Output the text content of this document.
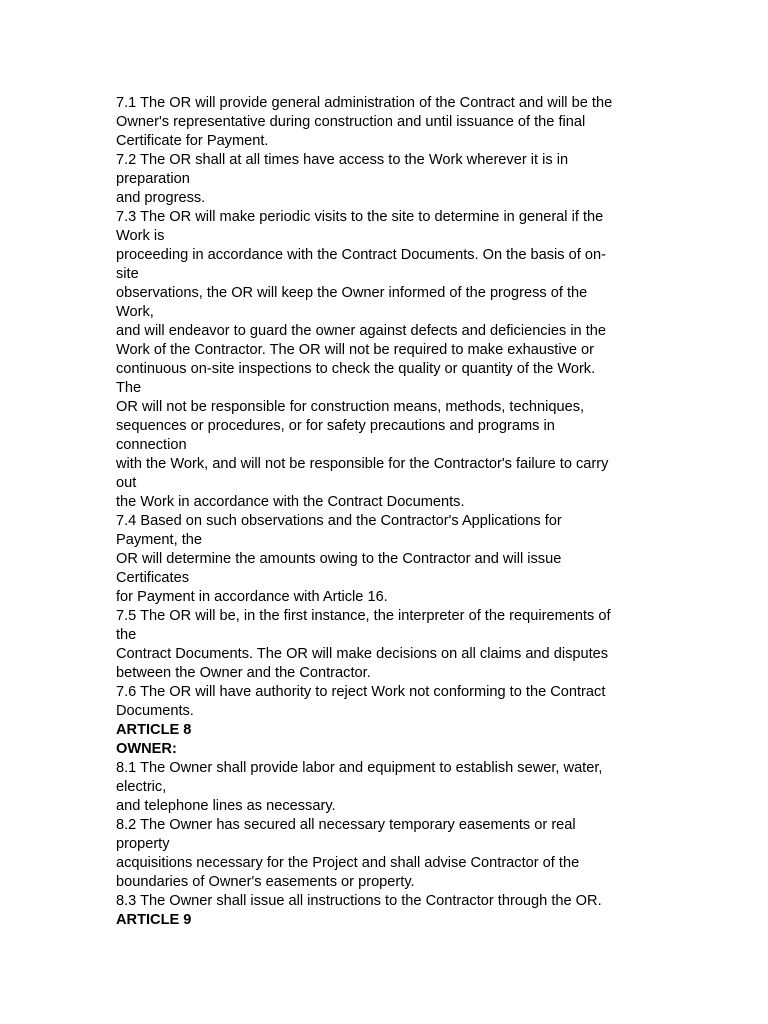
7.1 The OR will provide general administration of the Contract and will be the
Owner's representative during construction and until issuance of the final
Certificate for Payment.
7.2 The OR shall at all times have access to the Work wherever it is in
preparation
and progress.
7.3 The OR will make periodic visits to the site to determine in general if the
Work is
proceeding in accordance with the Contract Documents. On the basis of on-
site
observations, the OR will keep the Owner informed of the progress of the
Work,
and will endeavor to guard the owner against defects and deficiencies in the
Work of the Contractor. The OR will not be required to make exhaustive or
continuous on-site inspections to check the quality or quantity of the Work.
The
OR will not be responsible for construction means, methods, techniques,
sequences or procedures, or for safety precautions and programs in
connection
with the Work, and will not be responsible for the Contractor's failure to carry
out
the Work in accordance with the Contract Documents.
7.4 Based on such observations and the Contractor's Applications for
Payment, the
OR will determine the amounts owing to the Contractor and will issue
Certificates
for Payment in accordance with Article 16.
7.5 The OR will be, in the first instance, the interpreter of the requirements of
the
Contract Documents. The OR will make decisions on all claims and disputes
between the Owner and the Contractor.
7.6 The OR will have authority to reject Work not conforming to the Contract
Documents.
ARTICLE 8
OWNER:
8.1 The Owner shall provide labor and equipment to establish sewer, water,
electric,
and telephone lines as necessary.
8.2 The Owner has secured all necessary temporary easements or real
property
acquisitions necessary for the Project and shall advise Contractor of the
boundaries of Owner's easements or property.
8.3 The Owner shall issue all instructions to the Contractor through the OR.
ARTICLE 9
